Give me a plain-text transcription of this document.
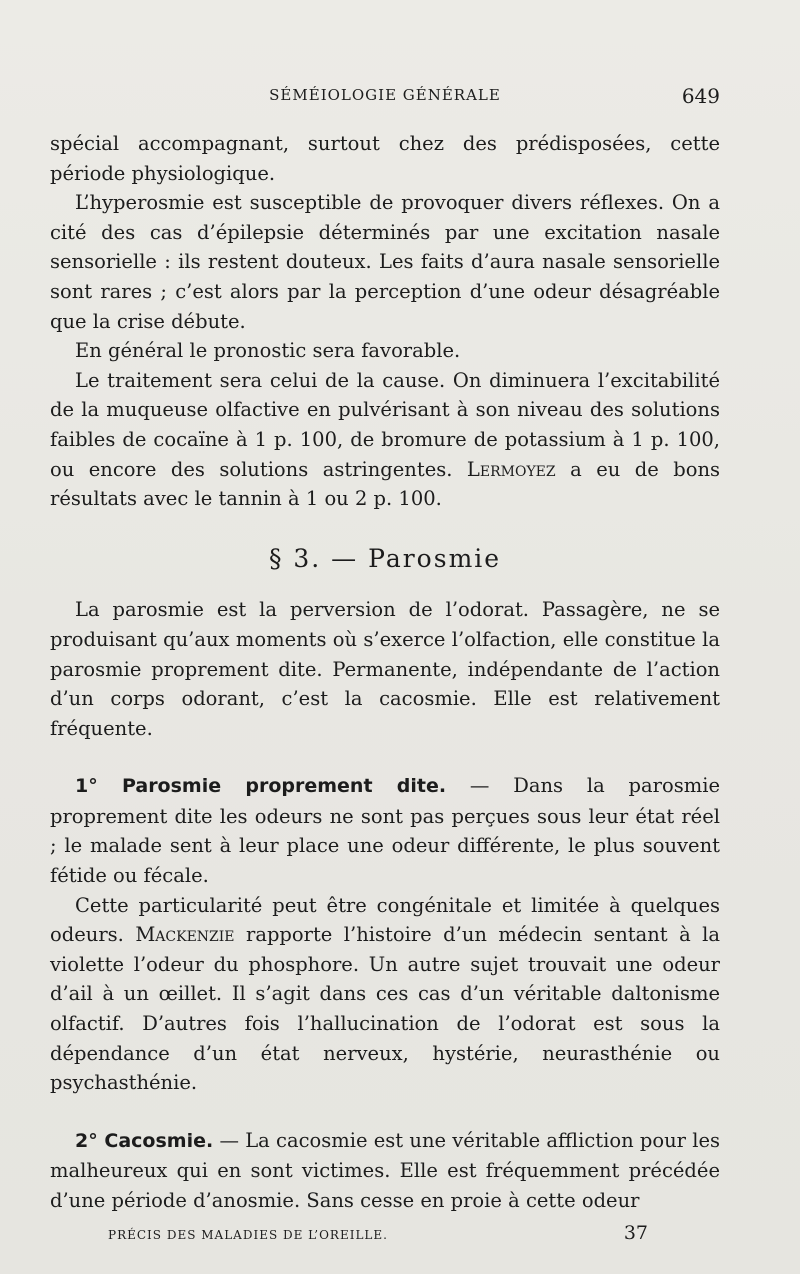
SÉMÉIOLOGIE GÉNÉRALE	649

spécial accompagnant, surtout chez des prédisposées, cette période physiologique.

L’hyperosmie est susceptible de provoquer divers réflexes. On a cité des cas d’épilepsie déterminés par une excitation nasale sensorielle : ils restent douteux. Les faits d’aura nasale sensorielle sont rares ; c’est alors par la perception d’une odeur désagréable que la crise débute.

En général le pronostic sera favorable.

Le traitement sera celui de la cause. On diminuera l’excitabilité de la muqueuse olfactive en pulvérisant à son niveau des solutions faibles de cocaïne à 1 p. 100, de bromure de potassium à 1 p. 100, ou encore des solutions astringentes. Lermoyez a eu de bons résultats avec le tannin à 1 ou 2 p. 100.

§ 3. — Parosmie

La parosmie est la perversion de l’odorat. Passagère, ne se produisant qu’aux moments où s’exerce l’olfaction, elle constitue la parosmie proprement dite. Permanente, indépendante de l’action d’un corps odorant, c’est la cacosmie. Elle est relativement fréquente.

1° Parosmie proprement dite. — Dans la parosmie proprement dite les odeurs ne sont pas perçues sous leur état réel ; le malade sent à leur place une odeur différente, le plus souvent fétide ou fécale.

Cette particularité peut être congénitale et limitée à quelques odeurs. Mackenzie rapporte l’histoire d’un médecin sentant à la violette l’odeur du phosphore. Un autre sujet trouvait une odeur d’ail à un œillet. Il s’agit dans ces cas d’un véritable daltonisme olfactif. D’autres fois l’hallucination de l’odorat est sous la dépendance d’un état nerveux, hystérie, neurasthénie ou psychasthénie.

2° Cacosmie. — La cacosmie est une véritable affliction pour les malheureux qui en sont victimes. Elle est fréquemment précédée d’une période d’anosmie. Sans cesse en proie à cette odeur

PRÉCIS DES MALADIES DE L’OREILLE.	37
